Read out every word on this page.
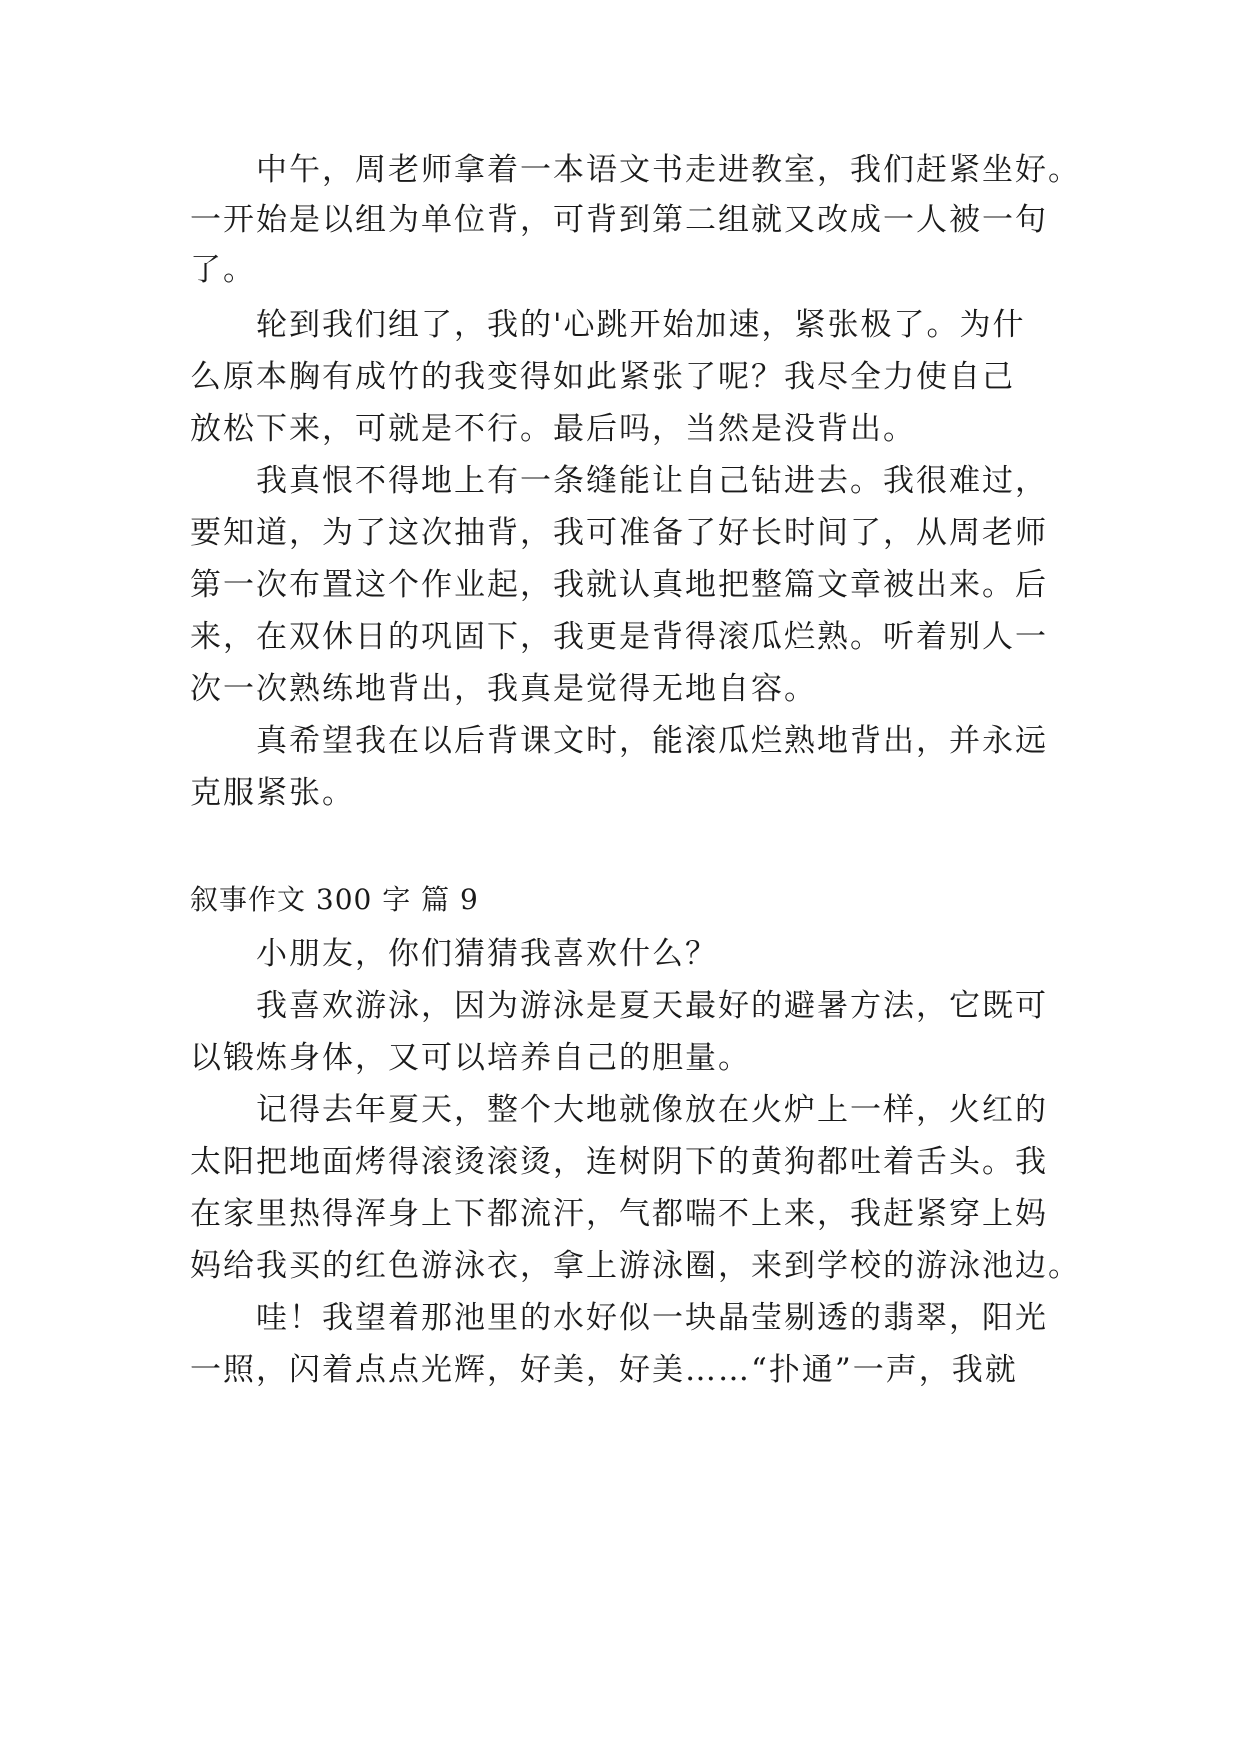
中午，周老师拿着一本语文书走进教室，我们赶紧坐好。
一开始是以组为单位背，可背到第二组就又改成一人被一句
了。
轮到我们组了，我的'心跳开始加速，紧张极了。为什
么原本胸有成竹的我变得如此紧张了呢？我尽全力使自己
放松下来，可就是不行。最后吗，当然是没背出。
我真恨不得地上有一条缝能让自己钻进去。我很难过，
要知道，为了这次抽背，我可准备了好长时间了，从周老师
第一次布置这个作业起，我就认真地把整篇文章被出来。后
来，在双休日的巩固下，我更是背得滚瓜烂熟。听着别人一
次一次熟练地背出，我真是觉得无地自容。
真希望我在以后背课文时，能滚瓜烂熟地背出，并永远
克服紧张。
叙事作文 300 字 篇 9
小朋友，你们猜猜我喜欢什么？
我喜欢游泳，因为游泳是夏天最好的避暑方法，它既可
以锻炼身体，又可以培养自己的胆量。
记得去年夏天，整个大地就像放在火炉上一样，火红的
太阳把地面烤得滚烫滚烫，连树阴下的黄狗都吐着舌头。我
在家里热得浑身上下都流汗，气都喘不上来，我赶紧穿上妈
妈给我买的红色游泳衣，拿上游泳圈，来到学校的游泳池边。
哇！我望着那池里的水好似一块晶莹剔透的翡翠，阳光
一照，闪着点点光辉，好美，好美……“扑通”一声，我就
